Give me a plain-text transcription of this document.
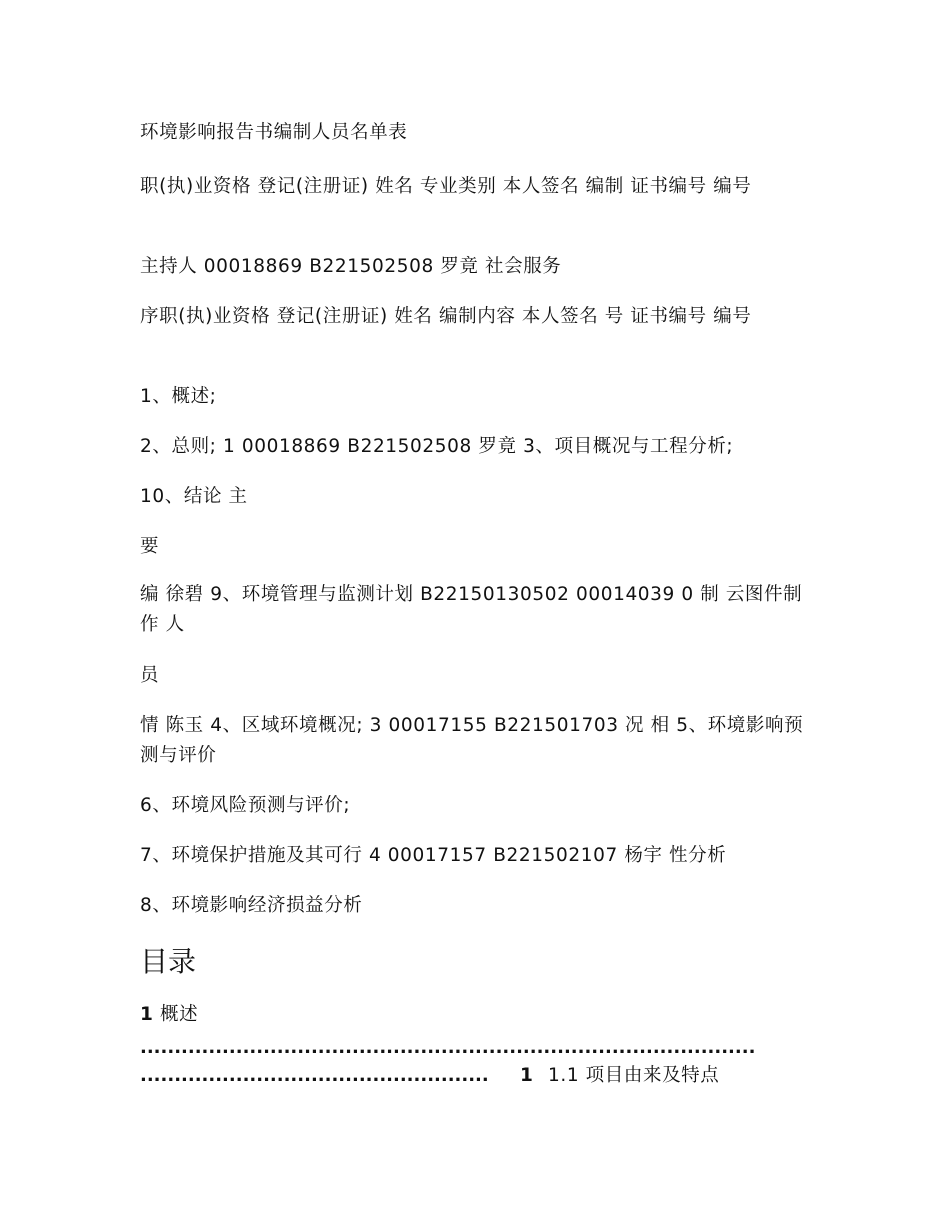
环境影响报告书编制人员名单表
职(执)业资格 登记(注册证) 姓名 专业类别 本人签名 编制 证书编号 编号
主持人 00018869 B221502508 罗竟 社会服务
序职(执)业资格 登记(注册证) 姓名 编制内容 本人签名 号 证书编号 编号
1、概述;
2、总则; 1 00018869 B221502508 罗竟 3、项目概况与工程分析;
10、结论 主
要
编 徐碧 9、环境管理与监测计划 B22150130502 00014039 0 制 云图件制作 人
员
情 陈玉 4、区域环境概况; 3 00017155 B221501703 况 相 5、环境影响预测与评价
6、环境风险预测与评价;
7、环境保护措施及其可行 4 00017157 B221502107 杨宇 性分析
8、环境影响经济损益分析
目录
1 概述
..........................................................................................
...................................................	1 1.1 项目由来及特点
